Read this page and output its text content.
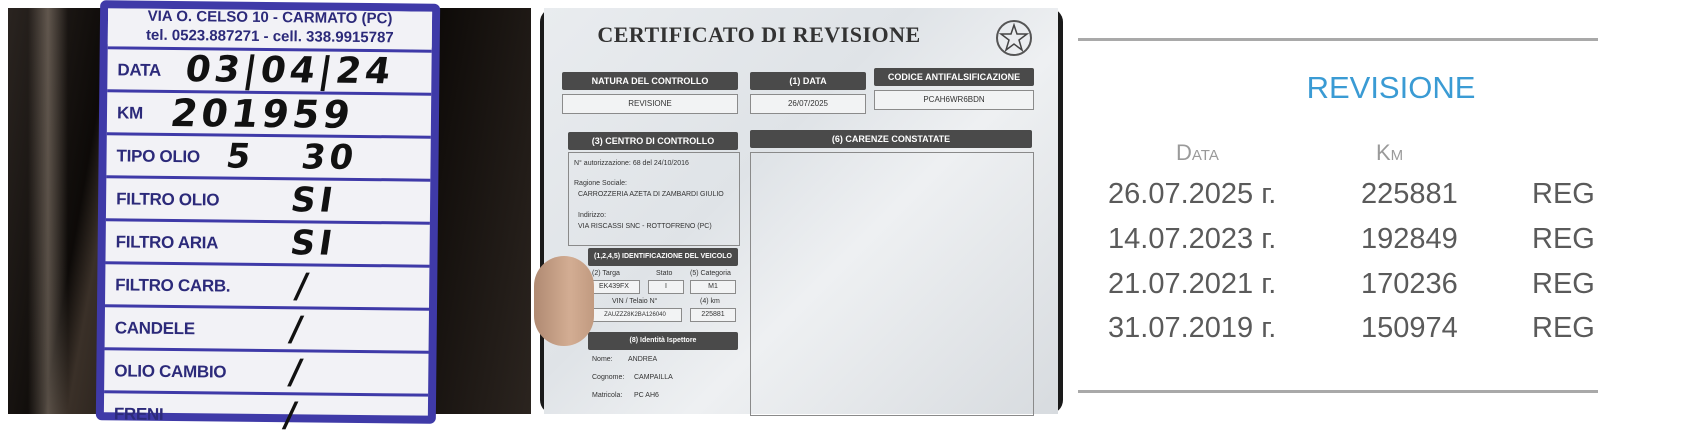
VIA O. CELSO 10 - CARMATO (PC)
tel. 0523.887271 - cell. 338.9915787
DATA 03|04|24
KM 201959
TIPO OLIO 5   30
FILTRO OLIO SI
FILTRO ARIA SI
FILTRO CARB. /
CANDELE	/
OLIO CAMBIO /
FRENI	/
CERTIFICATO DI REVISIONE
NATURA DEL CONTROLLO
REVISIONE
(1) DATA
26/07/2025
CODICE ANTIFALSIFICAZIONE
PCAH6WR6BDN
(3) CENTRO DI CONTROLLO	(6) CARENZE CONSTATATE
N° autorizzazione: 68 del 24/10/2016
Ragione Sociale:
CARROZZERIA AZETA DI ZAMBARDI GIULIO
Indirizzo:
VIA RISCASSI SNC - ROTTOFRENO (PC)
(1,2,4,5) IDENTIFICAZIONE DEL VEICOLO
(2) Targa
EK439FX
Stato
I
(5) Categoria
M1
VIN / Telaio N°
ZAUZZZ8K2BA126040
(4) km
225881
(8) Identità Ispettore
Nome: ANDREA
Cognome: CAMPAILLA
Matricola: PC AH6
REVISIONE
Data	Km
26.07.2025 г.	225881	REG
14.07.2023 г.	192849	REG
21.07.2021 г.	170236	REG
31.07.2019 г.	150974	REG
